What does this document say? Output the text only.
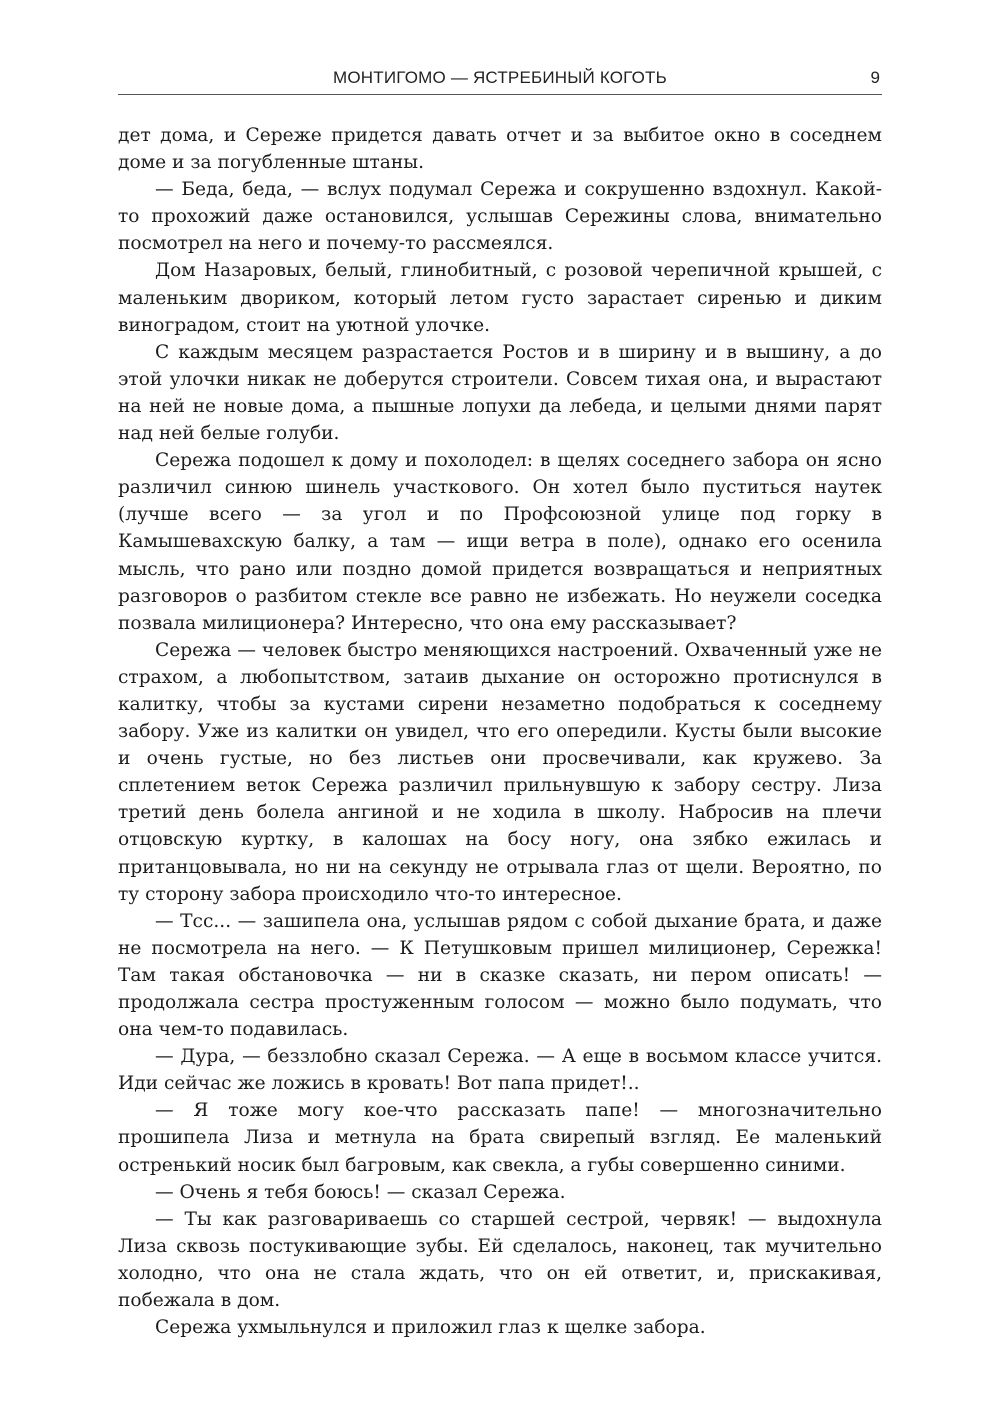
МОНТИГОМО — ЯСТРЕБИНЫЙ КОГОТЬ	9

дет дома, и Сереже придется давать отчет и за выбитое окно в соседнем доме и за погубленные штаны.

— Беда, беда, — вслух подумал Сережа и сокрушенно вздохнул. Какой-то прохожий даже остановился, услышав Сережины слова, внимательно посмотрел на него и почему-то рассмеялся.

Дом Назаровых, белый, глинобитный, с розовой черепичной крышей, с маленьким двориком, который летом густо зарастает сиренью и диким виноградом, стоит на уютной улочке.

С каждым месяцем разрастается Ростов и в ширину и в вышину, а до этой улочки никак не доберутся строители. Совсем тихая она, и вырастают на ней не новые дома, а пышные лопухи да лебеда, и целыми днями парят над ней белые голуби.

Сережа подошел к дому и похолодел: в щелях соседнего забора он ясно различил синюю шинель участкового. Он хотел было пуститься наутек (лучше всего — за угол и по Профсоюзной улице под горку в Камышевахскую балку, а там — ищи ветра в поле), однако его осенила мысль, что рано или поздно домой придется возвращаться и неприятных разговоров о разбитом стекле все равно не избежать. Но неужели соседка позвала милиционера? Интересно, что она ему рассказывает?

Сережа — человек быстро меняющихся настроений. Охваченный уже не страхом, а любопытством, затаив дыхание он осторожно протиснулся в калитку, чтобы за кустами сирени незаметно подобраться к соседнему забору. Уже из калитки он увидел, что его опередили. Кусты были высокие и очень густые, но без листьев они просвечивали, как кружево. За сплетением веток Сережа различил прильнувшую к забору сестру. Лиза третий день болела ангиной и не ходила в школу. Набросив на плечи отцовскую куртку, в калошах на босу ногу, она зябко ежилась и пританцовывала, но ни на секунду не отрывала глаз от щели. Вероятно, по ту сторону забора происходило что-то интересное.

— Тсс... — зашипела она, услышав рядом с собой дыхание брата, и даже не посмотрела на него. — К Петушковым пришел милиционер, Сережка! Там такая обстановочка — ни в сказке сказать, ни пером описать! — продолжала сестра простуженным голосом — можно было подумать, что она чем-то подавилась.

— Дура, — беззлобно сказал Сережа. — А еще в восьмом классе учится. Иди сейчас же ложись в кровать! Вот папа придет!..

— Я тоже могу кое-что рассказать папе! — многозначительно прошипела Лиза и метнула на брата свирепый взгляд. Ее маленький остренький носик был багровым, как свекла, а губы совершенно синими.

— Очень я тебя боюсь! — сказал Сережа.

— Ты как разговариваешь со старшей сестрой, червяк! — выдохнула Лиза сквозь постукивающие зубы. Ей сделалось, наконец, так мучительно холодно, что она не стала ждать, что он ей ответит, и, прискакивая, побежала в дом.

Сережа ухмыльнулся и приложил глаз к щелке забора.
